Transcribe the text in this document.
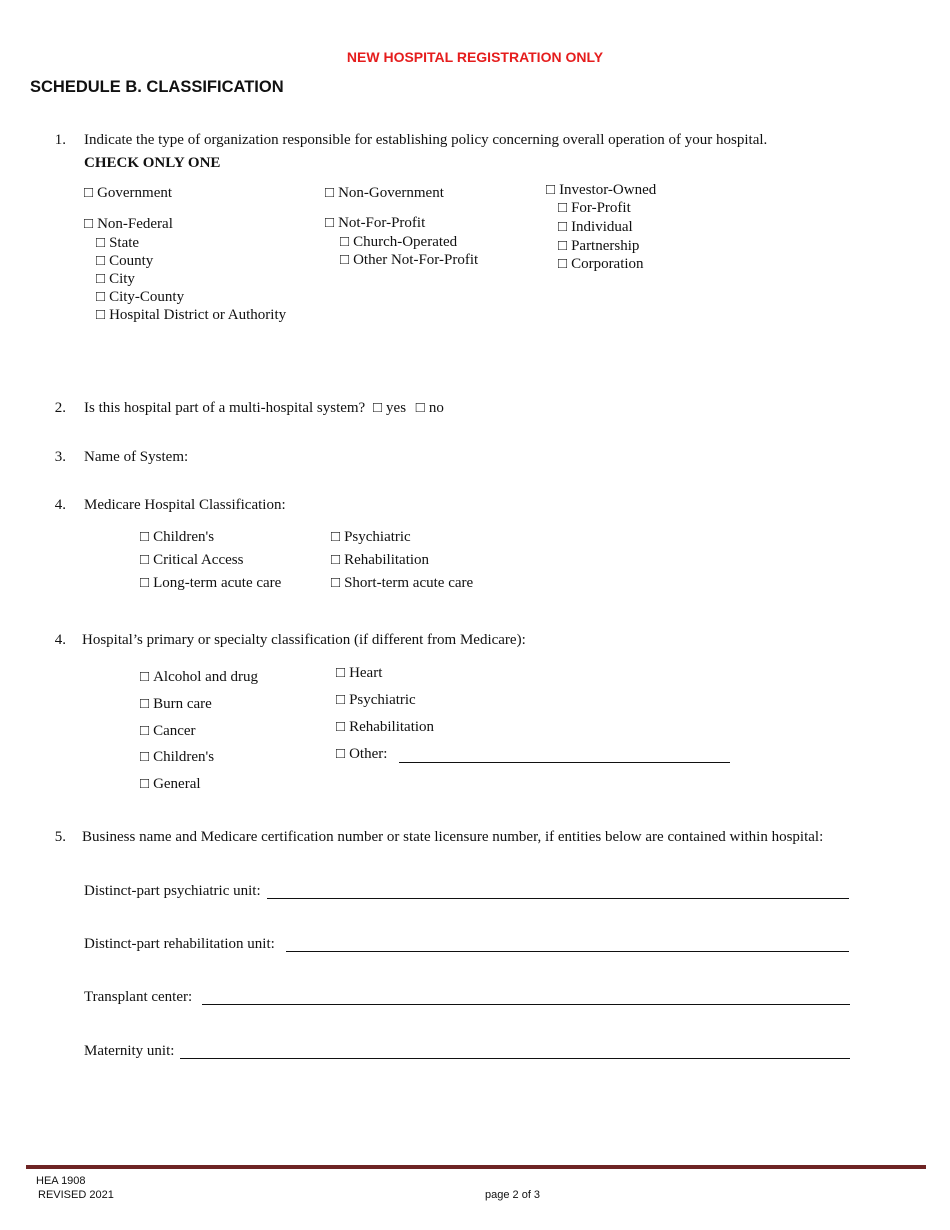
NEW HOSPITAL REGISTRATION ONLY
SCHEDULE B. CLASSIFICATION
1. Indicate the type of organization responsible for establishing policy concerning overall operation of your hospital.
CHECK ONLY ONE
□ Government
□ Non-Federal
□ State
□ County
□ City
□ City-County
□ Hospital District or Authority
□ Non-Government
□ Not-For-Profit
□ Church-Operated
□ Other Not-For-Profit
□ Investor-Owned
□ For-Profit
□ Individual
□ Partnership
□ Corporation
2. Is this hospital part of a multi-hospital system? □ yes □ no
3. Name of System:
4. Medicare Hospital Classification:
□ Children's
□ Critical Access
□ Long-term acute care
□ Psychiatric
□ Rehabilitation
□ Short-term acute care
4. Hospital’s primary or specialty classification (if different from Medicare):
□ Alcohol and drug
□ Burn care
□ Cancer
□ Children's
□ General
□ Heart
□ Psychiatric
□ Rehabilitation
□ Other:
5. Business name and Medicare certification number or state licensure number, if entities below are contained within hospital:
Distinct-part psychiatric unit:
Distinct-part rehabilitation unit:
Transplant center:
Maternity unit:
HEA 1908
REVISED 2021	page 2 of 3
